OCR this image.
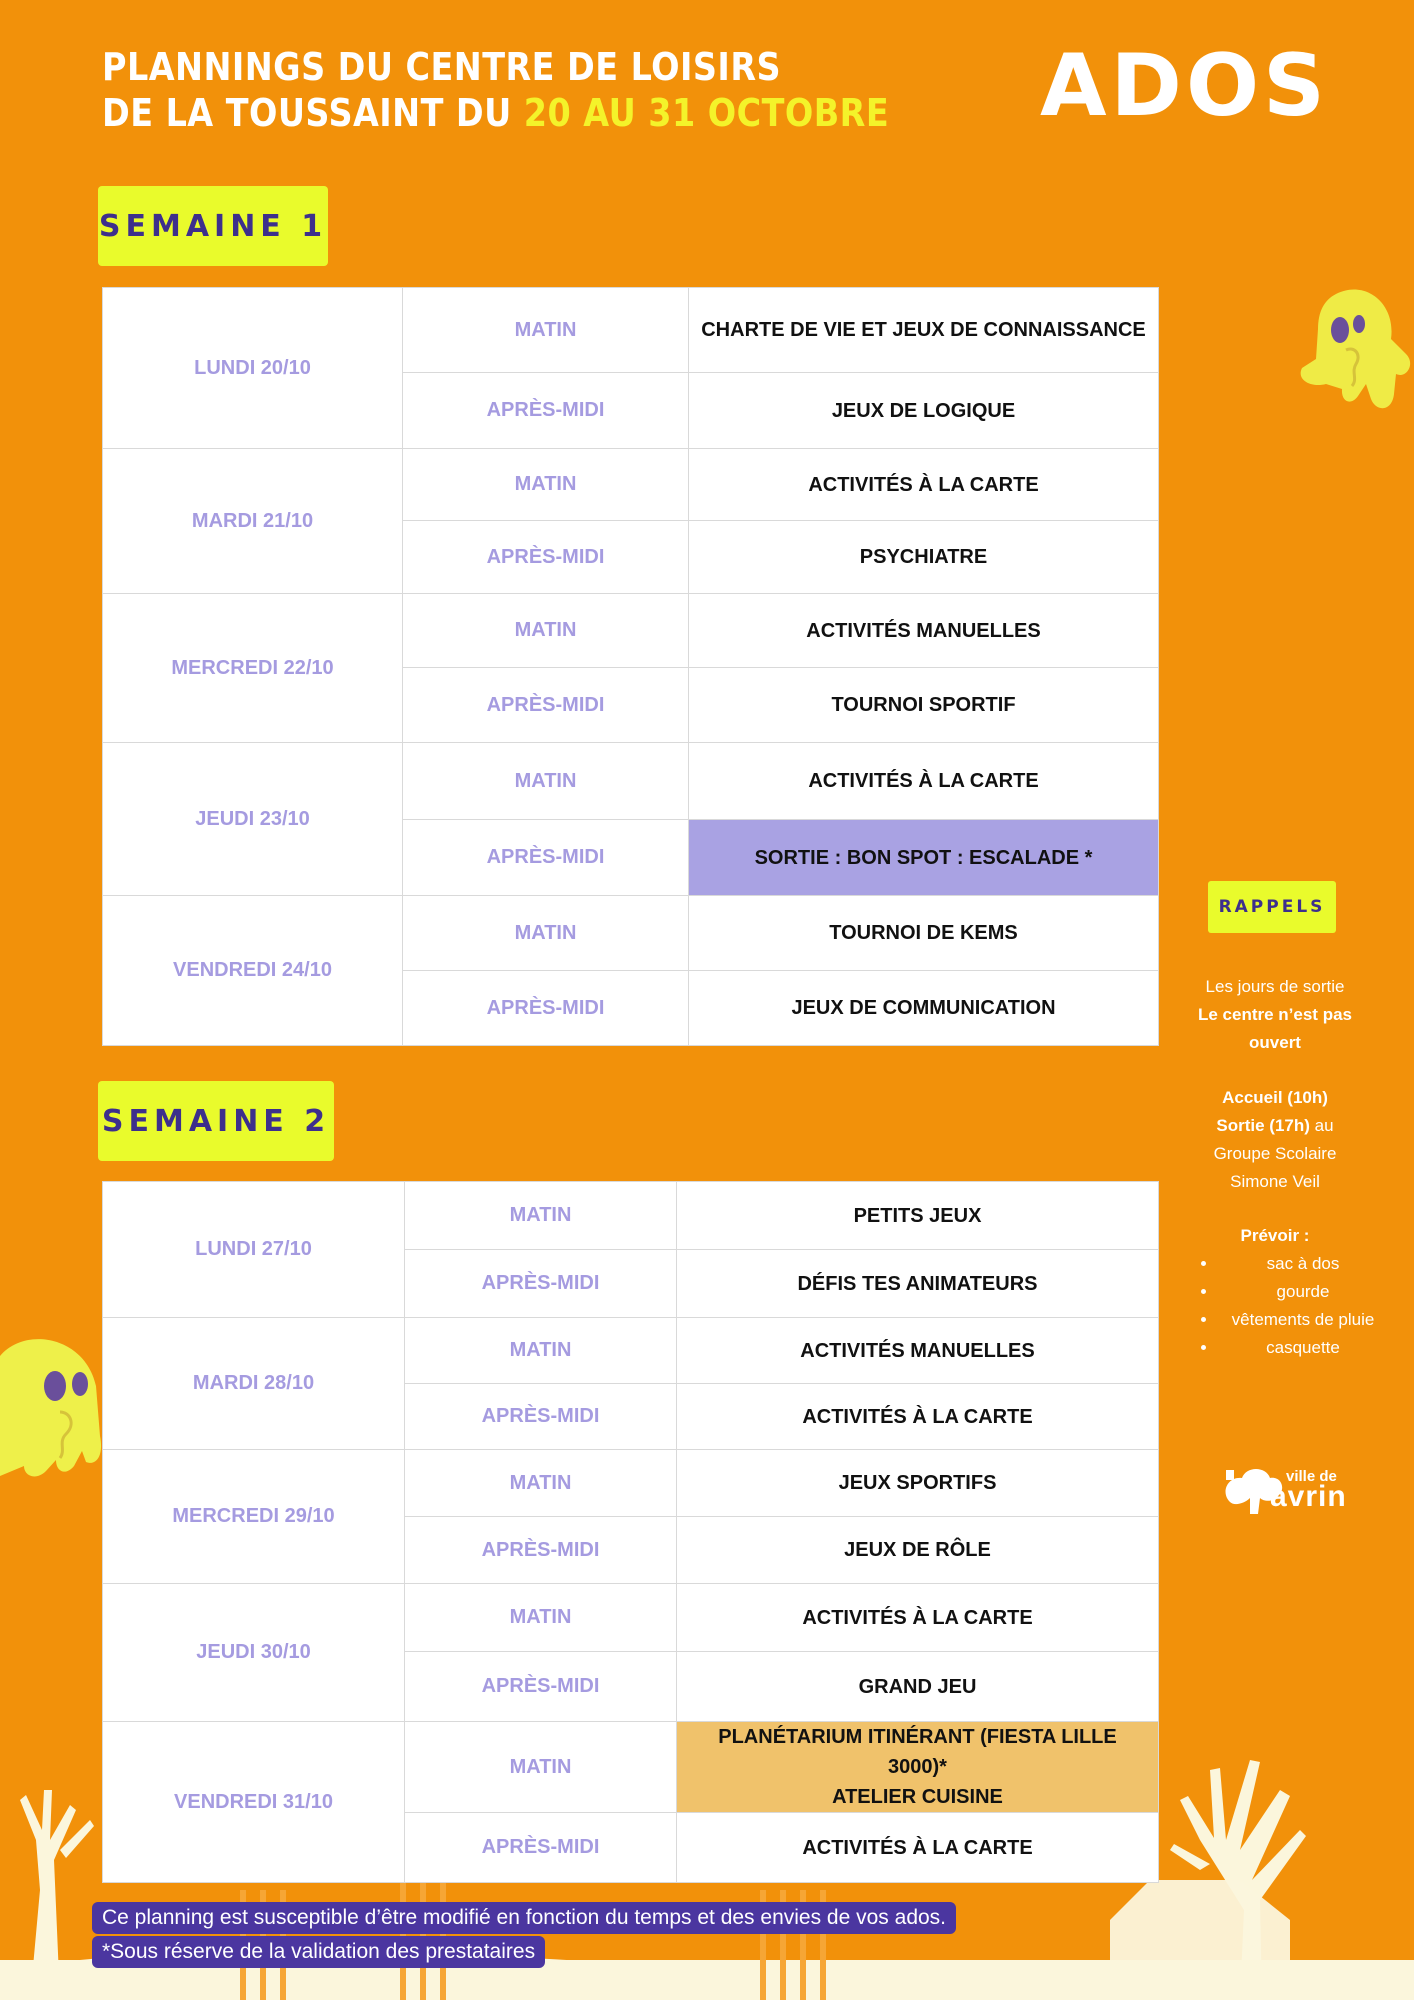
PLANNINGS DU CENTRE DE LOISIRS
DE LA TOUSSAINT DU 20 AU 31 OCTOBRE ADOS
SEMAINE 1
LUNDI 20/10	MATIN	CHARTE DE VIE ET JEUX DE CONNAISSANCE
	APRÈS-MIDI	JEUX DE LOGIQUE
MARDI 21/10	MATIN	ACTIVITÉS À LA CARTE
	APRÈS-MIDI	PSYCHIATRE
MERCREDI 22/10	MATIN	ACTIVITÉS MANUELLES
	APRÈS-MIDI	TOURNOI SPORTIF
JEUDI 23/10	MATIN	ACTIVITÉS À LA CARTE
	APRÈS-MIDI	SORTIE : BON SPOT : ESCALADE *
VENDREDI 24/10	MATIN	TOURNOI DE KEMS
	APRÈS-MIDI	JEUX DE COMMUNICATION
SEMAINE 2
LUNDI 27/10	MATIN	PETITS JEUX
	APRÈS-MIDI	DÉFIS TES ANIMATEURS
MARDI 28/10	MATIN	ACTIVITÉS MANUELLES
	APRÈS-MIDI	ACTIVITÉS À LA CARTE
MERCREDI 29/10	MATIN	JEUX SPORTIFS
	APRÈS-MIDI	JEUX DE RÔLE
JEUDI 30/10	MATIN	ACTIVITÉS À LA CARTE
	APRÈS-MIDI	GRAND JEU
VENDREDI 31/10	MATIN	PLANÉTARIUM ITINÉRANT (FIESTA LILLE 3000)*
ATELIER CUISINE

	APRÈS-MIDI	ACTIVITÉS À LA CARTE
RAPPELS
Les jours de sortie
Le centre n’est pas ouvert
Accueil (10h)
Sortie (17h) au Groupe Scolaire Simone Veil
Prévoir :
• sac à dos
• gourde
• vêtements de pluie
• casquette
ville de
avrin
Ce planning est susceptible d’être modifié en fonction du temps et des envies de vos ados.
*Sous réserve de la validation des prestataires
